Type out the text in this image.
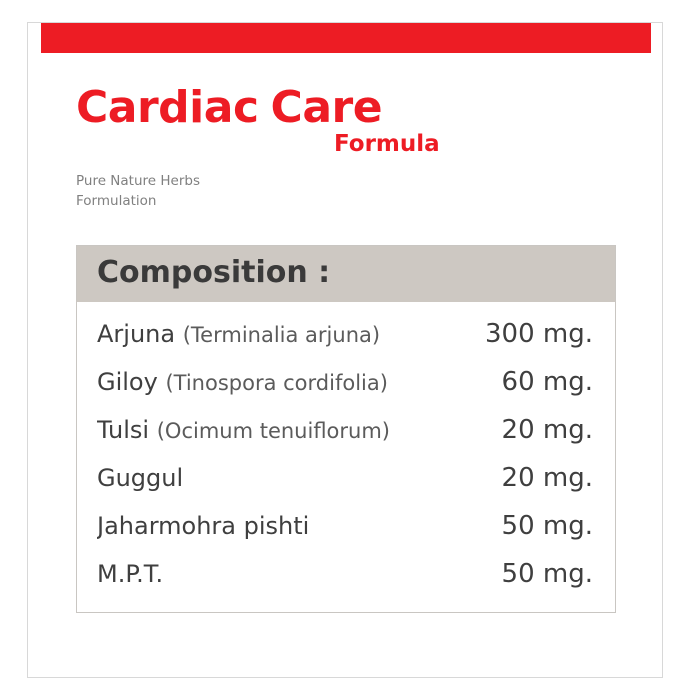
Cardiac Care
Formula
Pure Nature Herbs
Formulation
Composition :
Arjuna (Terminalia arjuna)	300 mg.
Giloy (Tinospora cordifolia)	60 mg.
Tulsi (Ocimum tenuiflorum)	20 mg.
Guggul	20 mg.
Jaharmohra pishti	50 mg.
M.P.T.	50 mg.
